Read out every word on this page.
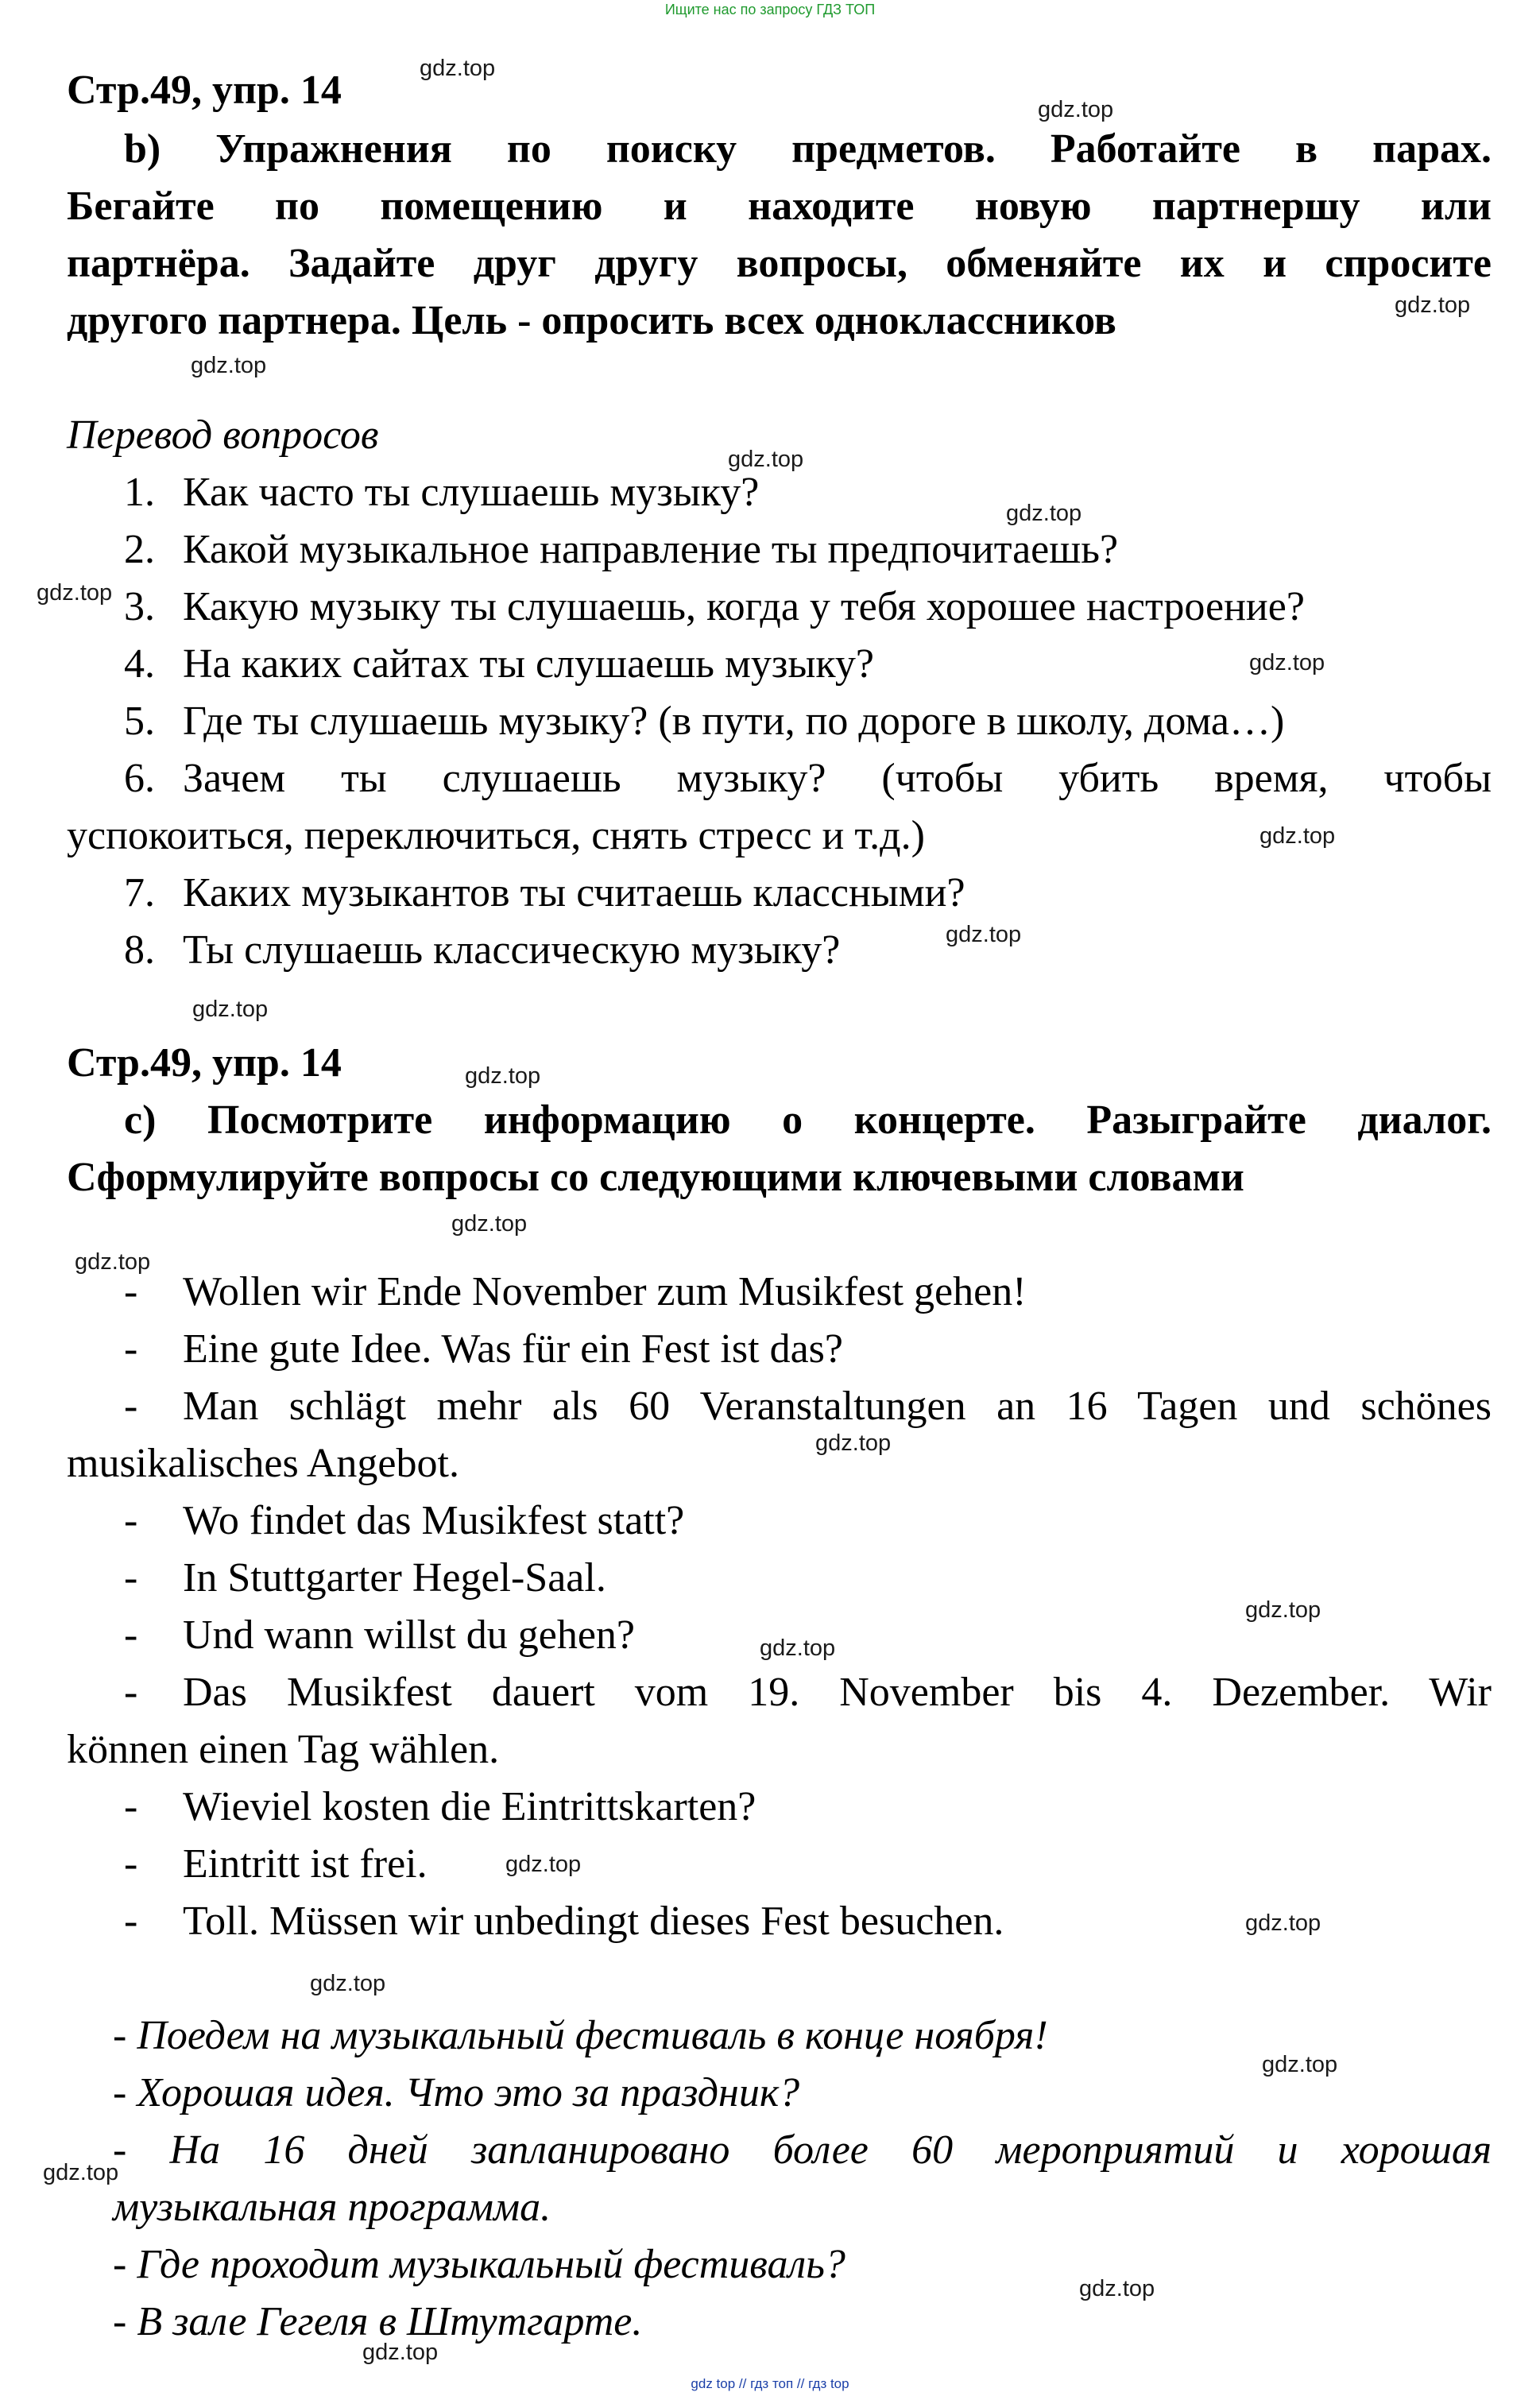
Ищите нас по запросу ГДЗ ТОП
Стр.49, упр. 14
b) Упражнения по поиску предметов. Работайте в парах.
Бегайте по помещению и находите новую партнершу или
партнёра. Задайте друг другу вопросы, обменяйте их и спросите
другого партнера. Цель - опросить всех одноклассников
Перевод вопросов
1. Как часто ты слушаешь музыку?
2. Какой музыкальное направление ты предпочитаешь?
3. Какую музыку ты слушаешь, когда у тебя хорошее настроение?
4. На каких сайтах ты слушаешь музыку?
5. Где ты слушаешь музыку? (в пути, по дороге в школу, дома…)
6. Зачем ты слушаешь музыку? (чтобы убить время, чтобы
успокоиться, переключиться, снять стресс и т.д.)
7. Каких музыкантов ты считаешь классными?
8. Ты слушаешь классическую музыку?
Стр.49, упр. 14
c) Посмотрите информацию о концерте. Разыграйте диалог.
Сформулируйте вопросы со следующими ключевыми словами
- Wollen wir Ende November zum Musikfest gehen!
- Eine gute Idee. Was für ein Fest ist das?
- Man schlägt mehr als 60 Veranstaltungen an 16 Tagen und schönes
musikalisches Angebot.
- Wo findet das Musikfest statt?
- In Stuttgarter Hegel-Saal.
- Und wann willst du gehen?
- Das Musikfest dauert vom 19. November bis 4. Dezember. Wir
können einen Tag wählen.
- Wieviel kosten die Eintrittskarten?
- Eintritt ist frei.
- Toll. Müssen wir unbedingt dieses Fest besuchen.
- Поедем на музыкальный фестиваль в конце ноября!
- Хорошая идея. Что это за праздник?
- На 16 дней запланировано более 60 мероприятий и хорошая
музыкальная программа.
- Где проходит музыкальный фестиваль?
- В зале Гегеля в Штутгарте.
gdz.top
gdz.top
gdz.top
gdz.top
gdz.top
gdz.top
gdz.top
gdz.top
gdz.top
gdz.top
gdz.top
gdz.top
gdz.top
gdz.top
gdz.top
gdz.top
gdz.top
gdz.top
gdz.top
gdz.top
gdz.top
gdz.top
gdz.top
gdz.top
gdz top // гдз топ // гдз top
